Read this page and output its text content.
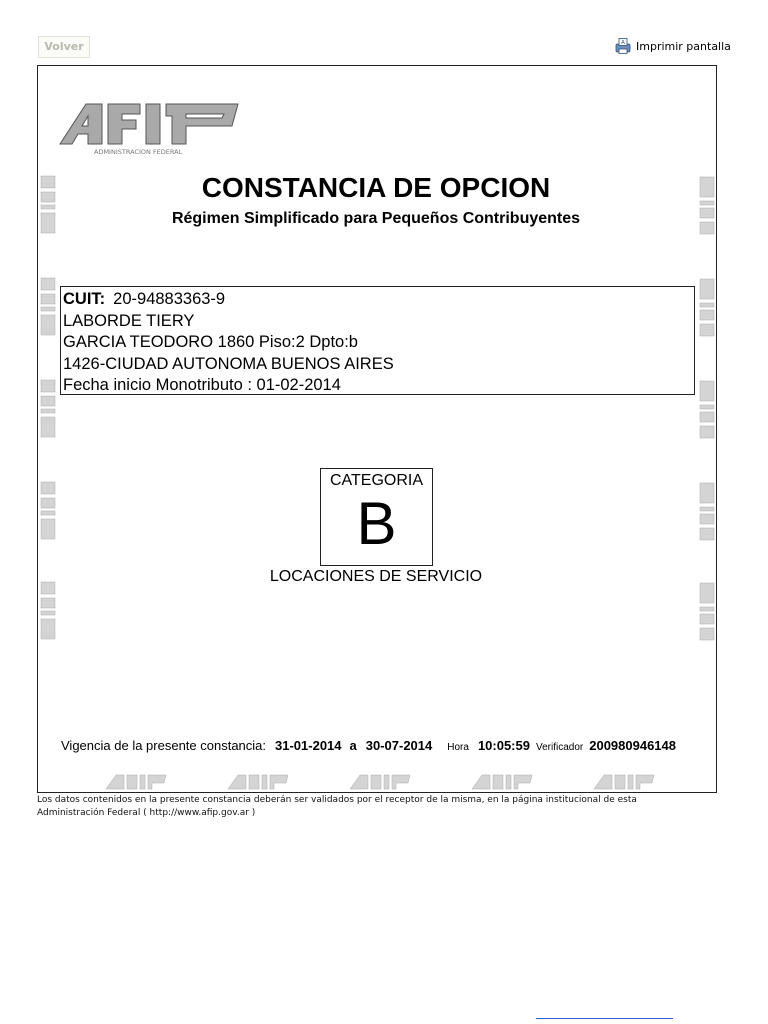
Volver	A Imprimir pantalla
ADMINISTRACION FEDERAL
CONSTANCIA DE OPCION
Régimen Simplificado para Pequeños Contribuyentes
CUIT: 20-94883363-9
LABORDE TIERY
GARCIA TEODORO 1860 Piso:2 Dpto:b
1426-CIUDAD AUTONOMA BUENOS AIRES
Fecha inicio Monotributo : 01-02-2014
CATEGORIA
B
LOCACIONES DE SERVICIO
Vigencia de la presente constancia: 31-01-2014 a 30-07-2014 Hora 10:05:59 Verificador 200980946148
Los datos contenidos en la presente constancia deberán ser validados por el receptor de la misma, en la página institucional de esta
Administración Federal ( http://www.afip.gov.ar )
